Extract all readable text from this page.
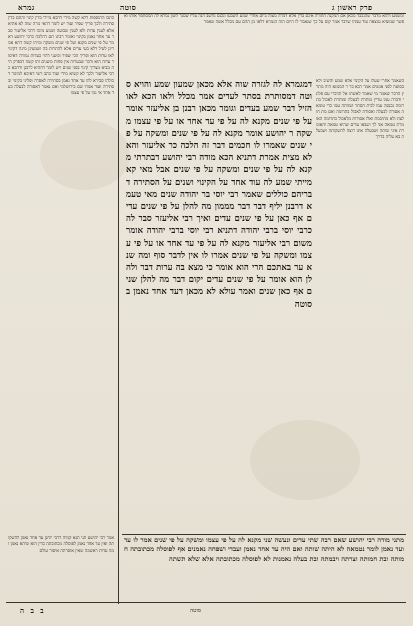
גמרא	סוטה	פרק ראשון ג
כתבו התוספות דלא קשה מידי דהכא מיירי בדין קינוי והתם בדין סתירה ולכך פריך שפיר ועוד יש לומר דהאי גזרה שוה לא אתיא אלא לענין עדות ולא לענין שבועה ושמע מינה דרבי אליעזר סבר עד אחד נאמן בקינוי ואומר רבינו תם דהלכה כרבי יהושע דאמר על פי שנים מקנא ועל פי שנים משקה ומיהו קשה דהא אמרינן לעיל דלא בעי עדים אלא להתרות בה ושמעינן מינה דקינוי לאו עדות הוא ופריך הכי שפיר ומשני דהוי כעדות גמורה דאיסור ערוה הוא ודבר שבערוה אין פחות משנים ותו קשה דבפרק היה מביא מצריך קינוי בפני שנים ויש לומר דההיא לרבנן ודהכא כרבי אליעזר ולכך לא קשיא מידי ועוד כתב רשי דאיכא למימר דכולהו סבירא להו עד אחד נאמן בסתירה לאסרה ופליגי בקינוי ובסתירה ועוד אמרו שם בירושלמי ואם נאמר דאסורה לבעלה בעד אחד אי נמי על פי עצמו
ומשמע דהוא מדבר שהנכבד מכאן אם המקנה התורה אינם בדין אלא דמרה מצוה ביום אחרי שמע השבעו ונכנס נחשב הנה עליו שסגר לשון גמרא לה המסתפר אותו ואפשר שמוציא נמצאה עוד עמהו שדבר אמר קום על כך שנאמר לו היום הזה הגמרא דלאו מן ההם עם מכלל אשה שאמר
דמגמרא לה לגזרה שוה אלא מכאן שמעון שמע והויא סוטה דמסותרת בסתר לעדים אמר מכלל ולאו הכא לאו הזיל דבר שמע בעדים וגומר מכאן רבנן בן אליעזר אומר על פי שנים מקנא לה על פי עד אחד או על פי עצמו משקה ר יהושע אומר מקנא לה על פי שנים ומשקה על פי שנים שאמרו לו חכמים דבר זה הלכה כר אליעזר והא לא מצית אמרת דתניא הכא מודה רבי יהושע דבתרתי מקנא לה על פי שנים ומשקה על פי שנים אבל מאי קא מייתי שמע לה עוד אחד על הקינוי ושנים על הסתירה דבריהם כוללים שאמר רבי יוסי בר יהודה שנים מאי טעמא דרבנן יליף דבר דבר מממון מה להלן על פי שנים עדים אף כאן על פי שנים עדים ואיך רבי אליעזר סבר לה כרבי יוסי ברבי יהודה דתניא רבי יוסי ברבי יהודה אומר משום רבי אליעזר מקנא לה על פי עד אחד או על פי עצמו ומשקה על פי שנים אמרו לו אין לדבר סוף ומה שנא ער באתכם הרי הוא אומר כי מצא בה ערות דבר ולהלן הוא אומר על פי שנים עדים יקום דבר מה להלן שנים אף כאן שנים ואמר עולא לא מכאן דעד אחד נאמן בסוטה
כשאמר אחרי שעלו על הקינוי אלא שמע והשיב ולא בסוטה לפני אנשים אמר רבא בר ר המנונא היה מתרץ הדבר שאמר מי שאמר לאשתו אל תדברי עם פלוני ודברה עמו עדיין מותרת לבעלה ומותרת לאכול בתרומה נכנסה עמו לבית הסתר ושהתה עמו כדי טומאה אסורה לבעלה ואסורה לאכול בתרומה ואם מת חולצת ולא מתיבמת ואלו אסורות מלאכול בתרומה האומרת טמאה אני לך ושבאו עדים שהיא טמאה והאומרת איני שותה ושבעלה אינו רוצה להשקותה ושבעלה בא עליה בדרך
מתני מודה רבי יהושע שאם רבה שתי עדים ונעשה שני מקנא לה על פי עצמו ומשקה על פי שנים אמר לו עד ועד נאמן לומר נטמאה לא היתה שותה ואם היה עד אחד נאמן ועבדי ושפחה נאמנים אף לפוסלה מכתובתה חמותה ובת חמותה וצרתה ויבמתה ובת בעלה נאמנות לא לפוסלה מכתובתה אלא שלא תשתה
אמר רבי יהושע תני תנא קמיה דרבי יוחנן עד אחד נאמן להשקותה ואין עד אחד נאמן לפוסלה מכתובתה בדין הוא שיהא נאמן ומה עדות ראשונה שאין אוסרתה איסור עולם
ב ב ה	סוטה
